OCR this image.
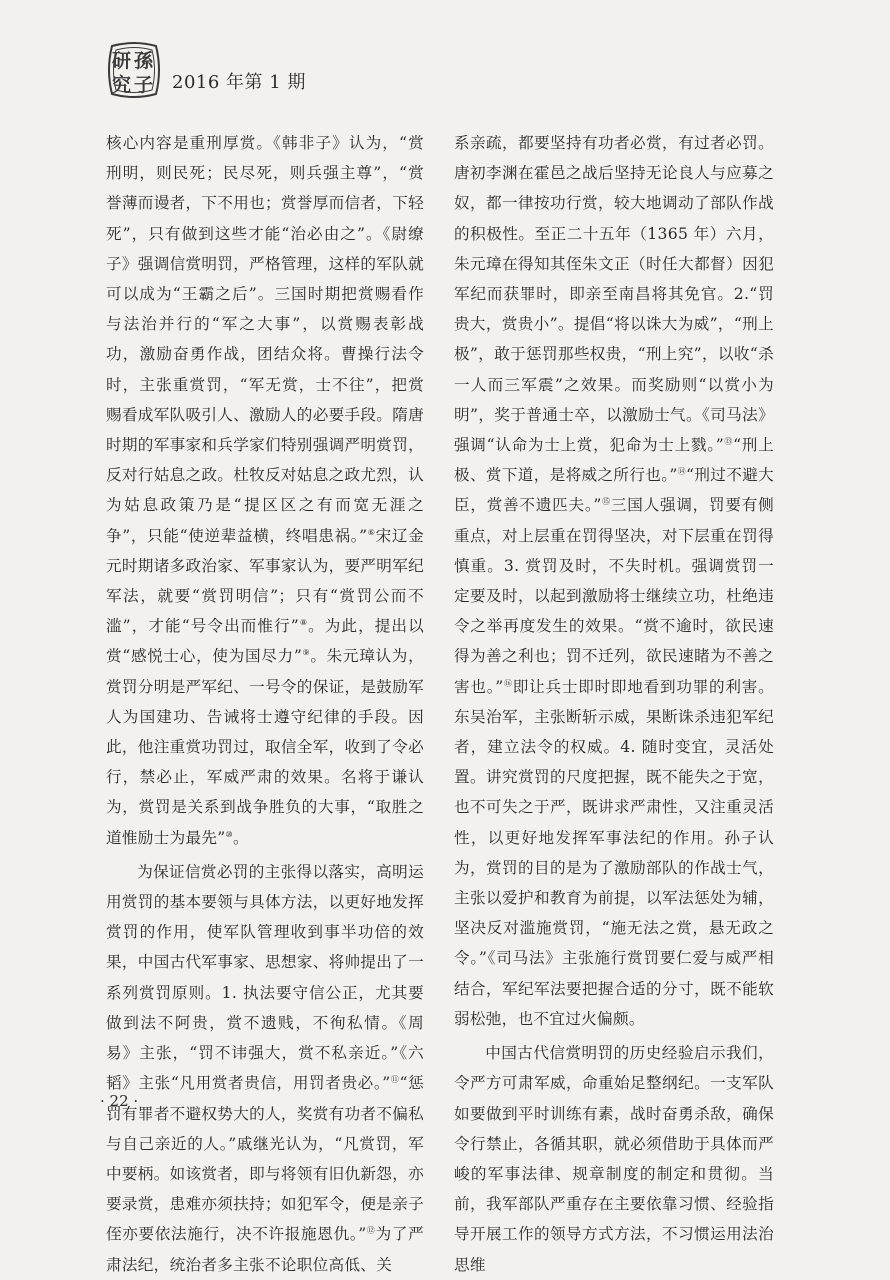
研
究
孫
子 2016 年第 1 期

核心内容是重刑厚赏。《韩非子》认为，“赏刑明，则民死；民尽死，则兵强主尊”，“赏誉薄而谩者，下不用也；赏誉厚而信者，下轻死”，只有做到这些才能“治必由之”。《尉缭子》强调信赏明罚，严格管理，这样的军队就可以成为“王霸之后”。三国时期把赏赐看作与法治并行的“军之大事”，以赏赐表彰战功，激励奋勇作战，团结众将。曹操行法令时，主张重赏罚，“军无赏，士不往”，把赏赐看成军队吸引人、激励人的必要手段。隋唐时期的军事家和兵学家们特别强调严明赏罚，反对行姑息之政。杜牧反对姑息之政尤烈，认为姑息政策乃是“提区区之有而宽无涯之争”，只能“使逆辈益横，终唱患祸。”⑥宋辽金元时期诸多政治家、军事家认为，要严明军纪军法，就要“赏罚明信”；只有“赏罚公而不滥”，才能“号令出而惟行”⑧。为此，提出以赏“感悦士心，使为国尽力”⑨。朱元璋认为，赏罚分明是严军纪、一号令的保证，是鼓励军人为国建功、告诫将士遵守纪律的手段。因此，他注重赏功罚过，取信全军，收到了令必行，禁必止，军威严肃的效果。名将于谦认为，赏罚是关系到战争胜负的大事，“取胜之道惟励士为最先”⑩。

为保证信赏必罚的主张得以落实，高明运用赏罚的基本要领与具体方法，以更好地发挥赏罚的作用，使军队管理收到事半功倍的效果，中国古代军事家、思想家、将帅提出了一系列赏罚原则。1. 执法要守信公正，尤其要做到法不阿贵，赏不遗贱，不徇私情。《周易》主张，“罚不讳强大，赏不私亲近。”《六韬》主张“凡用赏者贵信，用罚者贵必。”⑪“惩罚有罪者不避权势大的人，奖赏有功者不偏私与自己亲近的人。”戚继光认为，“凡赏罚，军中要柄。如该赏者，即与将领有旧仇新怨，亦要录赏，患难亦须扶持；如犯军令，便是亲子侄亦要依法施行，决不许报施恩仇。”⑫为了严肃法纪，统治者多主张不论职位高低、关

系亲疏，都要坚持有功者必赏，有过者必罚。唐初李渊在霍邑之战后坚持无论良人与应募之奴，都一律按功行赏，较大地调动了部队作战的积极性。至正二十五年（1365 年）六月，朱元璋在得知其侄朱文正（时任大都督）因犯军纪而获罪时，即亲至南昌将其免官。2.“罚贵大，赏贵小”。提倡“将以诛大为威”，“刑上极”，敢于惩罚那些权贵，“刑上究”，以收“杀一人而三军震”之效果。而奖励则“以赏小为明”，奖于普通士卒，以激励士气。《司马法》强调“认命为士上赏，犯命为士上戮。”⑬“刑上极、赏下道，是将威之所行也。”⑭“刑过不避大臣，赏善不遗匹夫。”⑮三国人强调，罚要有侧重点，对上层重在罚得坚决，对下层重在罚得慎重。3. 赏罚及时，不失时机。强调赏罚一定要及时，以起到激励将士继续立功，杜绝违令之举再度发生的效果。“赏不逾时，欲民速得为善之利也；罚不迁列，欲民速睹为不善之害也。”⑯即让兵士即时即地看到功罪的利害。东吴治军，主张断斩示威，果断诛杀违犯军纪者，建立法令的权威。4. 随时变宜，灵活处置。讲究赏罚的尺度把握，既不能失之于宽，也不可失之于严，既讲求严肃性，又注重灵活性，以更好地发挥军事法纪的作用。孙子认为，赏罚的目的是为了激励部队的作战士气，主张以爱护和教育为前提，以军法惩处为辅，坚决反对滥施赏罚，“施无法之赏，悬无政之令。”《司马法》主张施行赏罚要仁爱与威严相结合，军纪军法要把握合适的分寸，既不能软弱松弛，也不宜过火偏颇。

中国古代信赏明罚的历史经验启示我们，令严方可肃军威，命重始足整纲纪。一支军队如要做到平时训练有素，战时奋勇杀敌，确保令行禁止，各循其职，就必须借助于具体而严峻的军事法律、规章制度的制定和贯彻。当前，我军部队严重存在主要依靠习惯、经验指导开展工作的领导方式方法，不习惯运用法治思维

· 22 ·
